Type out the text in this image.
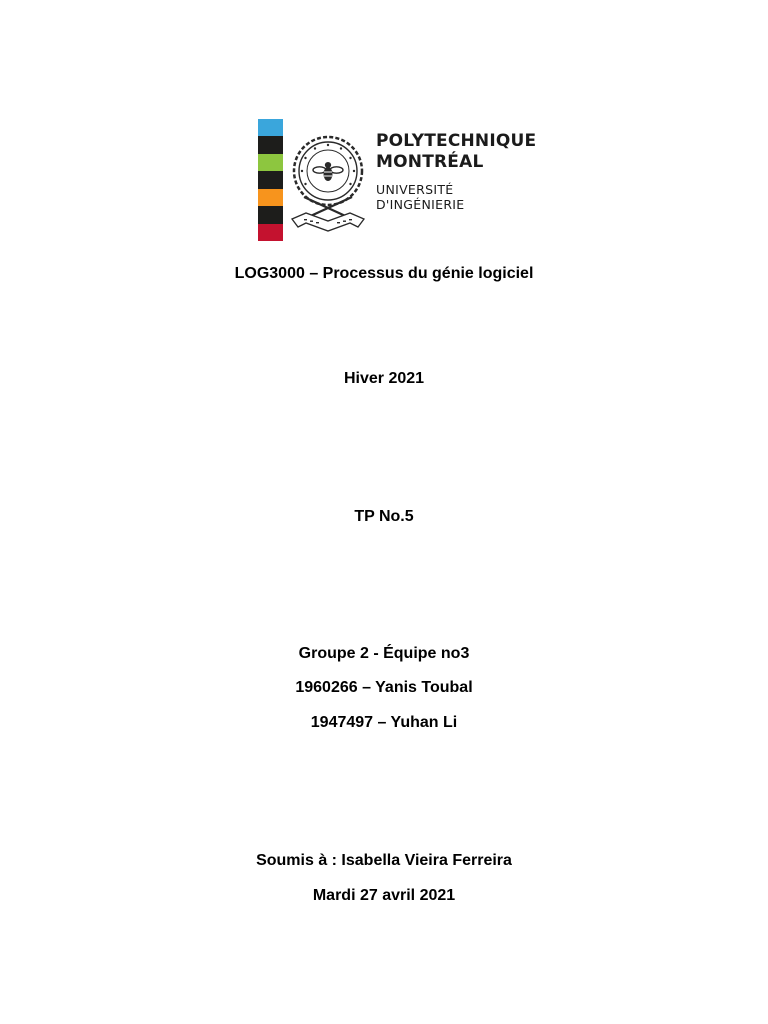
POLYTECHNIQUE
MONTRÉAL
UNIVERSITÉ
D'INGÉNIERIE
LOG3000 – Processus du génie logiciel
Hiver 2021
TP No.5
Groupe 2 - Équipe no3
1960266 – Yanis Toubal
1947497 – Yuhan Li
Soumis à : Isabella Vieira Ferreira
Mardi 27 avril 2021
